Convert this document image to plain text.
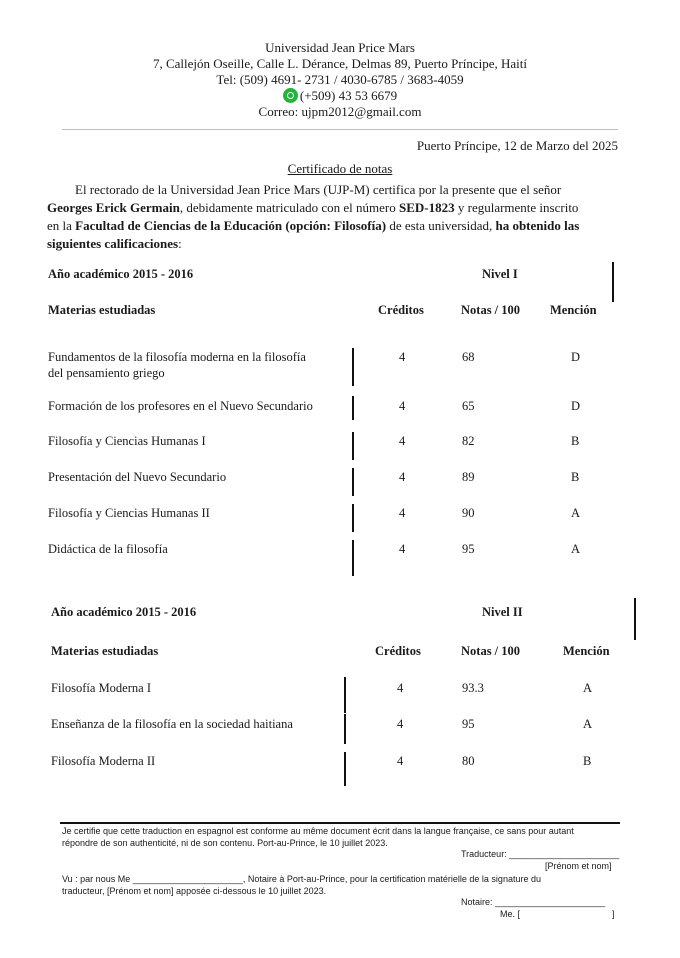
Universidad Jean Price Mars
7, Callejón Oseille, Calle L. Dérance, Delmas 89, Puerto Príncipe, Haití
Tel: (509) 4691- 2731 / 4030-6785 / 3683-4059
(+509) 43 53 6679
Correo: ujpm2012@gmail.com
Puerto Príncipe, 12 de Marzo del 2025
Certificado de notas
El rectorado de la Universidad Jean Price Mars (UJP-M) certifica por la presente que el señor
Georges Erick Germain, debidamente matriculado con el número SED-1823 y regularmente inscrito
en la Facultad de Ciencias de la Educación (opción: Filosofía) de esta universidad, ha obtenido las
siguientes calificaciones:
Año académico 2015 - 2016	Nivel I
Materias estudiadas	Créditos	Notas / 100 Mención
Fundamentos de la filosofía moderna en la filosofía
del pensamiento griego
4	68	D
Formación de los profesores en el Nuevo Secundario	4	65	D
Filosofía y Ciencias Humanas I	4	82	B
Presentación del Nuevo Secundario	4	89	B
Filosofía y Ciencias Humanas II	4	90	A
Didáctica de la filosofía	4	95	A
Año académico 2015 - 2016	Nivel II
Materias estudiadas	Créditos	Notas / 100	Mención
Filosofía Moderna I	4	93.3	A
Enseñanza de la filosofía en la sociedad haitiana	4	95	A
Filosofía Moderna II	4	80	B
Je certifie que cette traduction en espagnol est conforme au même document écrit dans la langue française, ce sans pour autant
répondre de son authenticité, ni de son contenu. Port-au-Prince, le 10 juillet 2023.
Traducteur: ______________________
[Prénom et nom]
Vu : par nous Me ______________________, Notaire à Port-au-Prince, pour la certification matérielle de la signature du
traducteur, [Prénom et nom] apposée ci-dessous le 10 juillet 2023.
Notaire: ______________________
Me. [	]
